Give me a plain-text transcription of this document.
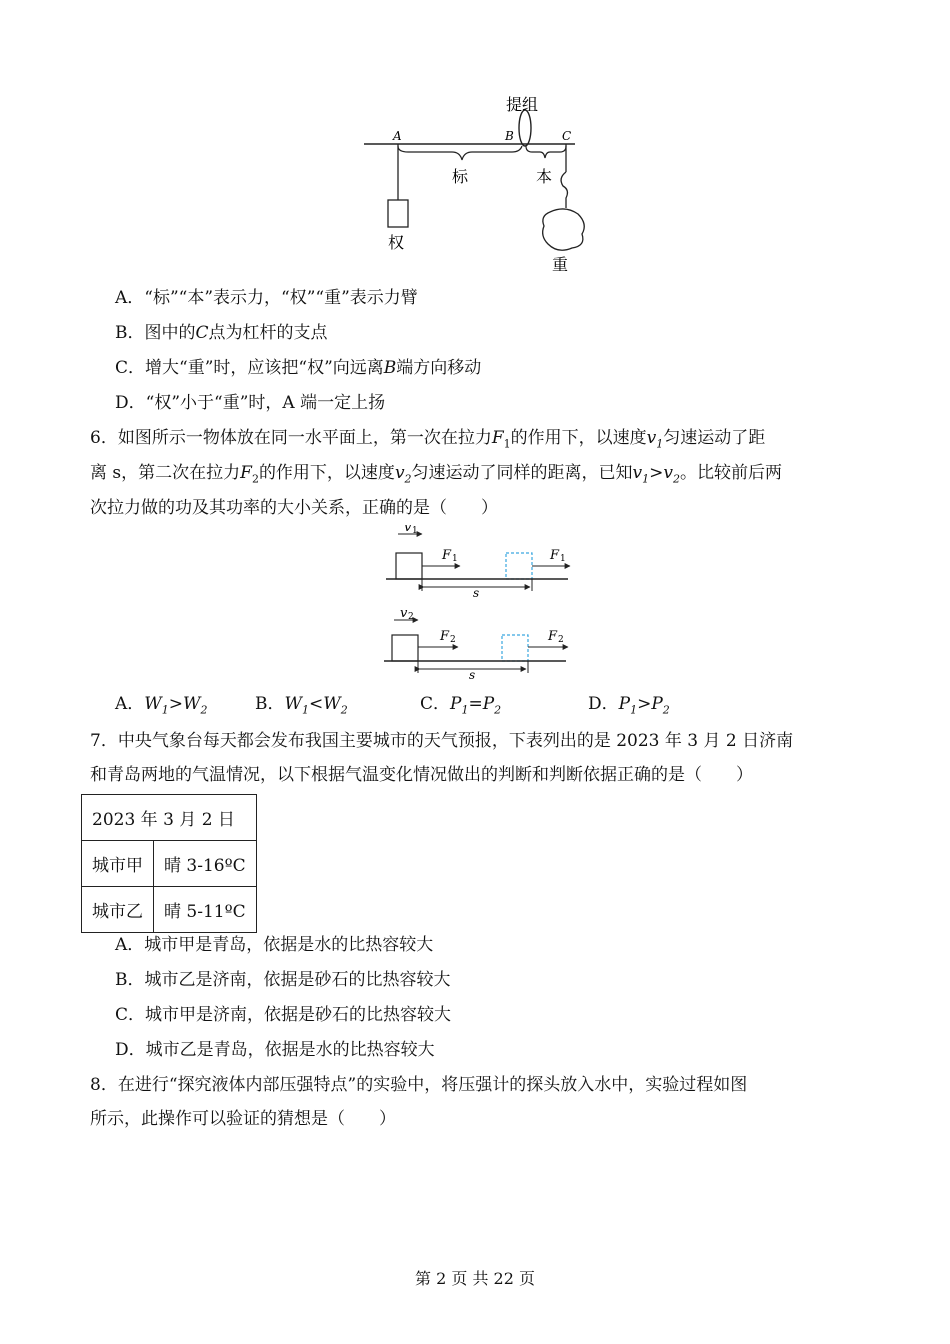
提组
A	B	C
标	本
权
重
A．“标”“本”表示力，“权”“重”表示力臂
B．图中的C点为杠杆的支点
C．增大“重”时，应该把“权”向远离B端方向移动
D．“权”小于“重”时，A 端一定上扬
6．如图所示一物体放在同一水平面上，第一次在拉力$F_1$的作用下，以速度$v_1$匀速运动了距
离 s，第二次在拉力$F_2$的作用下，以速度$v_2$匀速运动了同样的距离，已知$v_1>v_2$。比较前后两
次拉力做的功及其功率的大小关系，正确的是（　　）
v 1
F 1	F 1
s
v 2
F 2	F 2
s
A．$W_1>W_2$	B．$W_1<W_2$	C．$P_1=P_2$	D．$P_1>P_2$
7．中央气象台每天都会发布我国主要城市的天气预报，下表列出的是 2023 年 3 月 2 日济南
和青岛两地的气温情况，以下根据气温变化情况做出的判断和判断依据正确的是（　　）
2023 年 3 月 2 日	
城市甲	晴 3-16ºC
城市乙	晴 5-11ºC
A．城市甲是青岛，依据是水的比热容较大
B．城市乙是济南，依据是砂石的比热容较大
C．城市甲是济南，依据是砂石的比热容较大
D．城市乙是青岛，依据是水的比热容较大
8．在进行“探究液体内部压强特点”的实验中，将压强计的探头放入水中，实验过程如图
所示，此操作可以验证的猜想是（　　）
第 2 页 共 22 页
